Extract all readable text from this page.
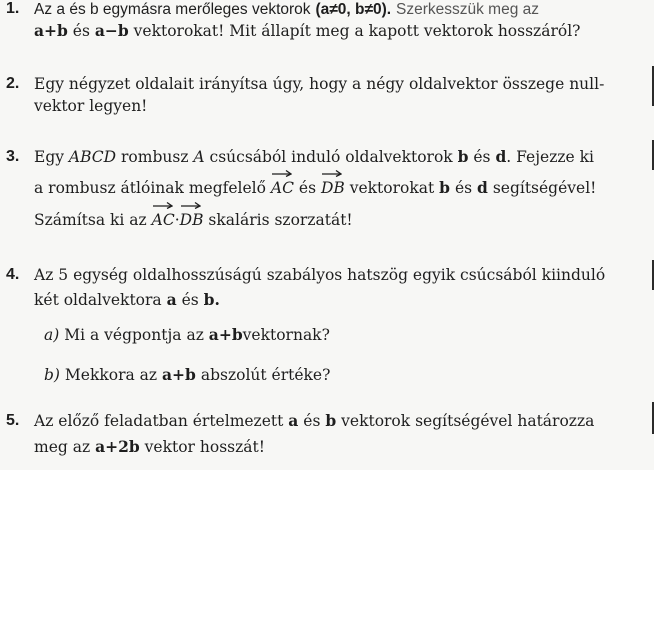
1. Az a és b egymásra merőleges vektorok (a≠0, b≠0). Szerkesszük meg az
a+b és a−b vektorokat! Mit állapít meg a kapott vektorok hosszáról?
2. Egy négyzet oldalait irányítsa úgy, hogy a négy oldalvektor összege null-
vektor legyen!
3. Egy ABCD rombusz A csúcsából induló oldalvektorok b és d. Fejezze ki
a rombusz átlóinak megfelelő AC és DB vektorokat b és d segítségével!
Számítsa ki az AC·
DB skaláris szorzatát!
4. Az 5 egység oldalhosszúságú szabályos hatszög egyik csúcsából kiinduló
két oldalvektora a és b.
a) Mi a végpontja az a+bvektornak?
b) Mekkora az a+b abszolút értéke?
5. Az előző feladatban értelmezett a és b vektorok segítségével határozza
meg az a+2b vektor hosszát!
